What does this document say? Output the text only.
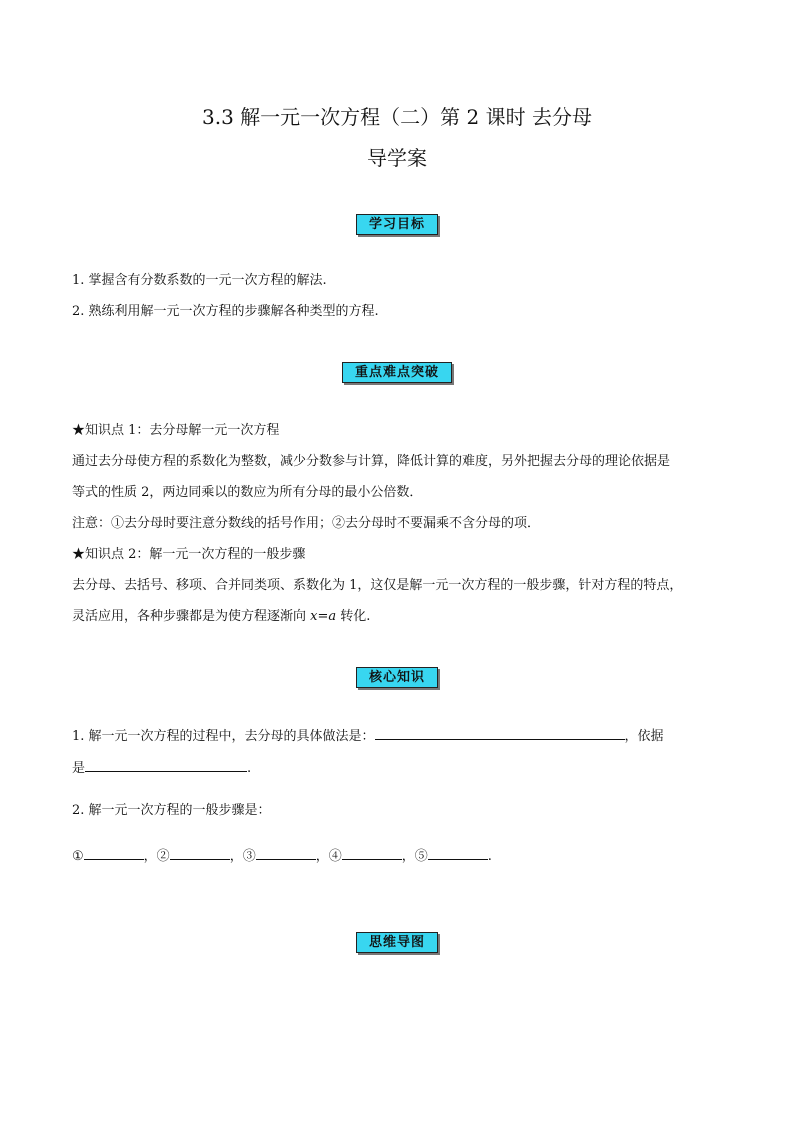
3.3 解一元一次方程（二）第 2 课时 去分母
导学案
学习目标
1. 掌握含有分数系数的一元一次方程的解法.
2. 熟练利用解一元一次方程的步骤解各种类型的方程.
重点难点突破
★知识点 1：去分母解一元一次方程
通过去分母使方程的系数化为整数，减少分数参与计算，降低计算的难度，另外把握去分母的理论依据是
等式的性质 2，两边同乘以的数应为所有分母的最小公倍数．
注意：①去分母时要注意分数线的括号作用；②去分母时不要漏乘不含分母的项．
★知识点 2：解一元一次方程的一般步骤
去分母、去括号、移项、合并同类项、系数化为 1，这仅是解一元一次方程的一般步骤，针对方程的特点，
灵活应用，各种步骤都是为使方程逐渐向 x=a 转化.
核心知识
1. 解一元一次方程的过程中，去分母的具体做法是：	，依据
是	.
2. 解一元一次方程的一般步骤是：
①	，②	，③	，④	，⑤	.
思维导图
